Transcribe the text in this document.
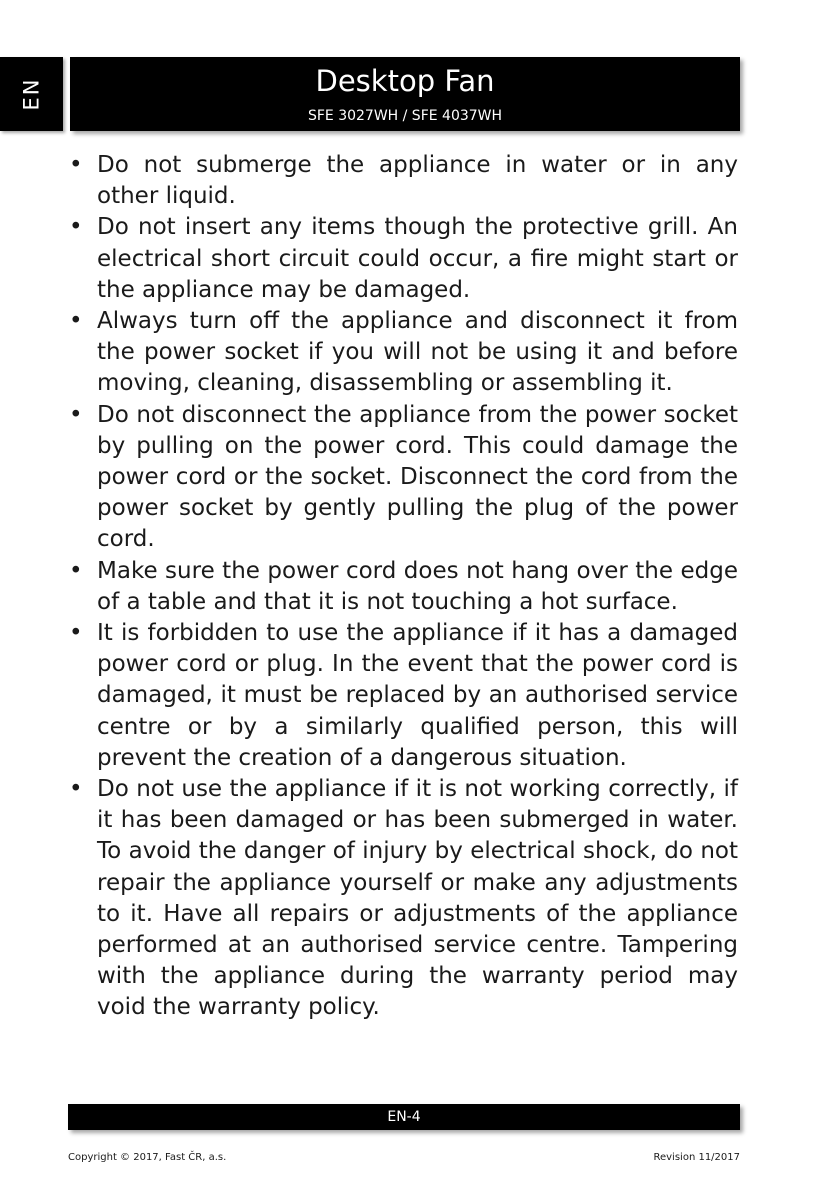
EN	Desktop Fan
SFE 3027WH / SFE 4037WH
• Do not submerge the appliance in water or in any other liquid.
• Do not insert any items though the protective grill. An electrical short circuit could occur, a fire might start or the appliance may be damaged.
• Always turn off the appliance and disconnect it from the power socket if you will not be using it and before moving, cleaning, disassembling or assembling it.
• Do not disconnect the appliance from the power socket by pulling on the power cord. This could damage the power cord or the socket. Disconnect the cord from the power socket by gently pulling the plug of the power cord.
• Make sure the power cord does not hang over the edge of a table and that it is not touching a hot surface.
• It is forbidden to use the appliance if it has a damaged power cord or plug. In the event that the power cord is damaged, it must be replaced by an authorised service centre or by a similarly qualified person, this will prevent the creation of a dangerous situation.
• Do not use the appliance if it is not working correctly, if it has been damaged or has been submerged in water. To avoid the danger of injury by electrical shock, do not repair the appliance yourself or make any adjustments to it. Have all repairs or adjustments of the appliance performed at an authorised service centre. Tampering with the appliance during the warranty period may void the warranty policy.
EN-4
Copyright © 2017, Fast ČR, a.s.	Revision 11/2017
